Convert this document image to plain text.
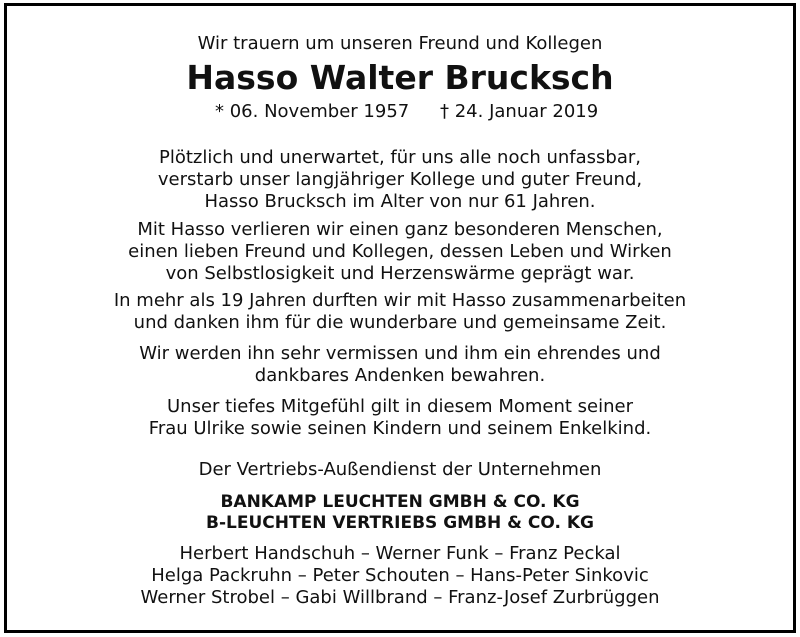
Wir trauern um unseren Freund und Kollegen
Hasso Walter Brucksch
* 06. November 1957 † 24. Januar 2019
Plötzlich und unerwartet, für uns alle noch unfassbar,
verstarb unser langjähriger Kollege und guter Freund,
Hasso Brucksch im Alter von nur 61 Jahren.
Mit Hasso verlieren wir einen ganz besonderen Menschen,
einen lieben Freund und Kollegen, dessen Leben und Wirken
von Selbstlosigkeit und Herzenswärme geprägt war.
In mehr als 19 Jahren durften wir mit Hasso zusammenarbeiten
und danken ihm für die wunderbare und gemeinsame Zeit.
Wir werden ihn sehr vermissen und ihm ein ehrendes und
dankbares Andenken bewahren.
Unser tiefes Mitgefühl gilt in diesem Moment seiner
Frau Ulrike sowie seinen Kindern und seinem Enkelkind.
Der Vertriebs-Außendienst der Unternehmen
BANKAMP LEUCHTEN GMBH & CO. KG
B-LEUCHTEN VERTRIEBS GMBH & CO. KG
Herbert Handschuh – Werner Funk – Franz Peckal
Helga Packruhn – Peter Schouten – Hans-Peter Sinkovic
Werner Strobel – Gabi Willbrand – Franz-Josef Zurbrüggen
